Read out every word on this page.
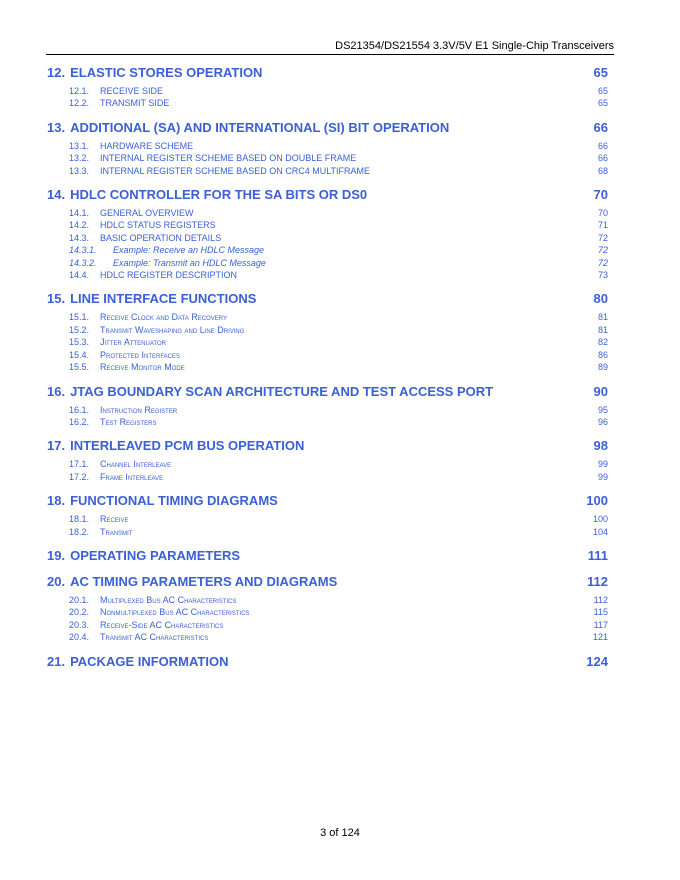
DS21354/DS21554 3.3V/5V E1 Single-Chip Transceivers
12. ELASTIC STORES OPERATION	65
12.1.	RECEIVE SIDE	65
12.2.	TRANSMIT SIDE	65
13. ADDITIONAL (SA) AND INTERNATIONAL (SI) BIT OPERATION	66
13.1.	HARDWARE SCHEME	66
13.2.	INTERNAL REGISTER SCHEME BASED ON DOUBLE FRAME	66
13.3.	INTERNAL REGISTER SCHEME BASED ON CRC4 MULTIFRAME	68
14. HDLC CONTROLLER FOR THE SA BITS OR DS0	70
14.1.	GENERAL OVERVIEW	70
14.2.	HDLC STATUS REGISTERS	71
14.3.	BASIC OPERATION DETAILS	72
14.3.1.	Example: Receive an HDLC Message	72
14.3.2.	Example: Transmit an HDLC Message	72
14.4.	HDLC REGISTER DESCRIPTION	73
15. LINE INTERFACE FUNCTIONS	80
15.1.	Receive Clock and Data Recovery	81
15.2.	Transmit Waveshaping and Line Driving	81
15.3.	Jitter Attenuator	82
15.4.	Protected Interfaces	86
15.5.	Receive Monitor Mode	89
16. JTAG BOUNDARY SCAN ARCHITECTURE AND TEST ACCESS PORT	90
16.1.	Instruction Register	95
16.2.	Test Registers	96
17. INTERLEAVED PCM BUS OPERATION	98
17.1.	Channel Interleave	99
17.2.	Frame Interleave	99
18. FUNCTIONAL TIMING DIAGRAMS	100
18.1.	Receive	100
18.2.	Transmit	104
19. OPERATING PARAMETERS	111
20. AC TIMING PARAMETERS AND DIAGRAMS	112
20.1.	Multiplexed Bus AC Characteristics	112
20.2.	Nonmultiplexed Bus AC Characteristics	115
20.3.	Receive-Side AC Characteristics	117
20.4.	Transmit AC Characteristics	121
21. PACKAGE INFORMATION	124
3 of 124
